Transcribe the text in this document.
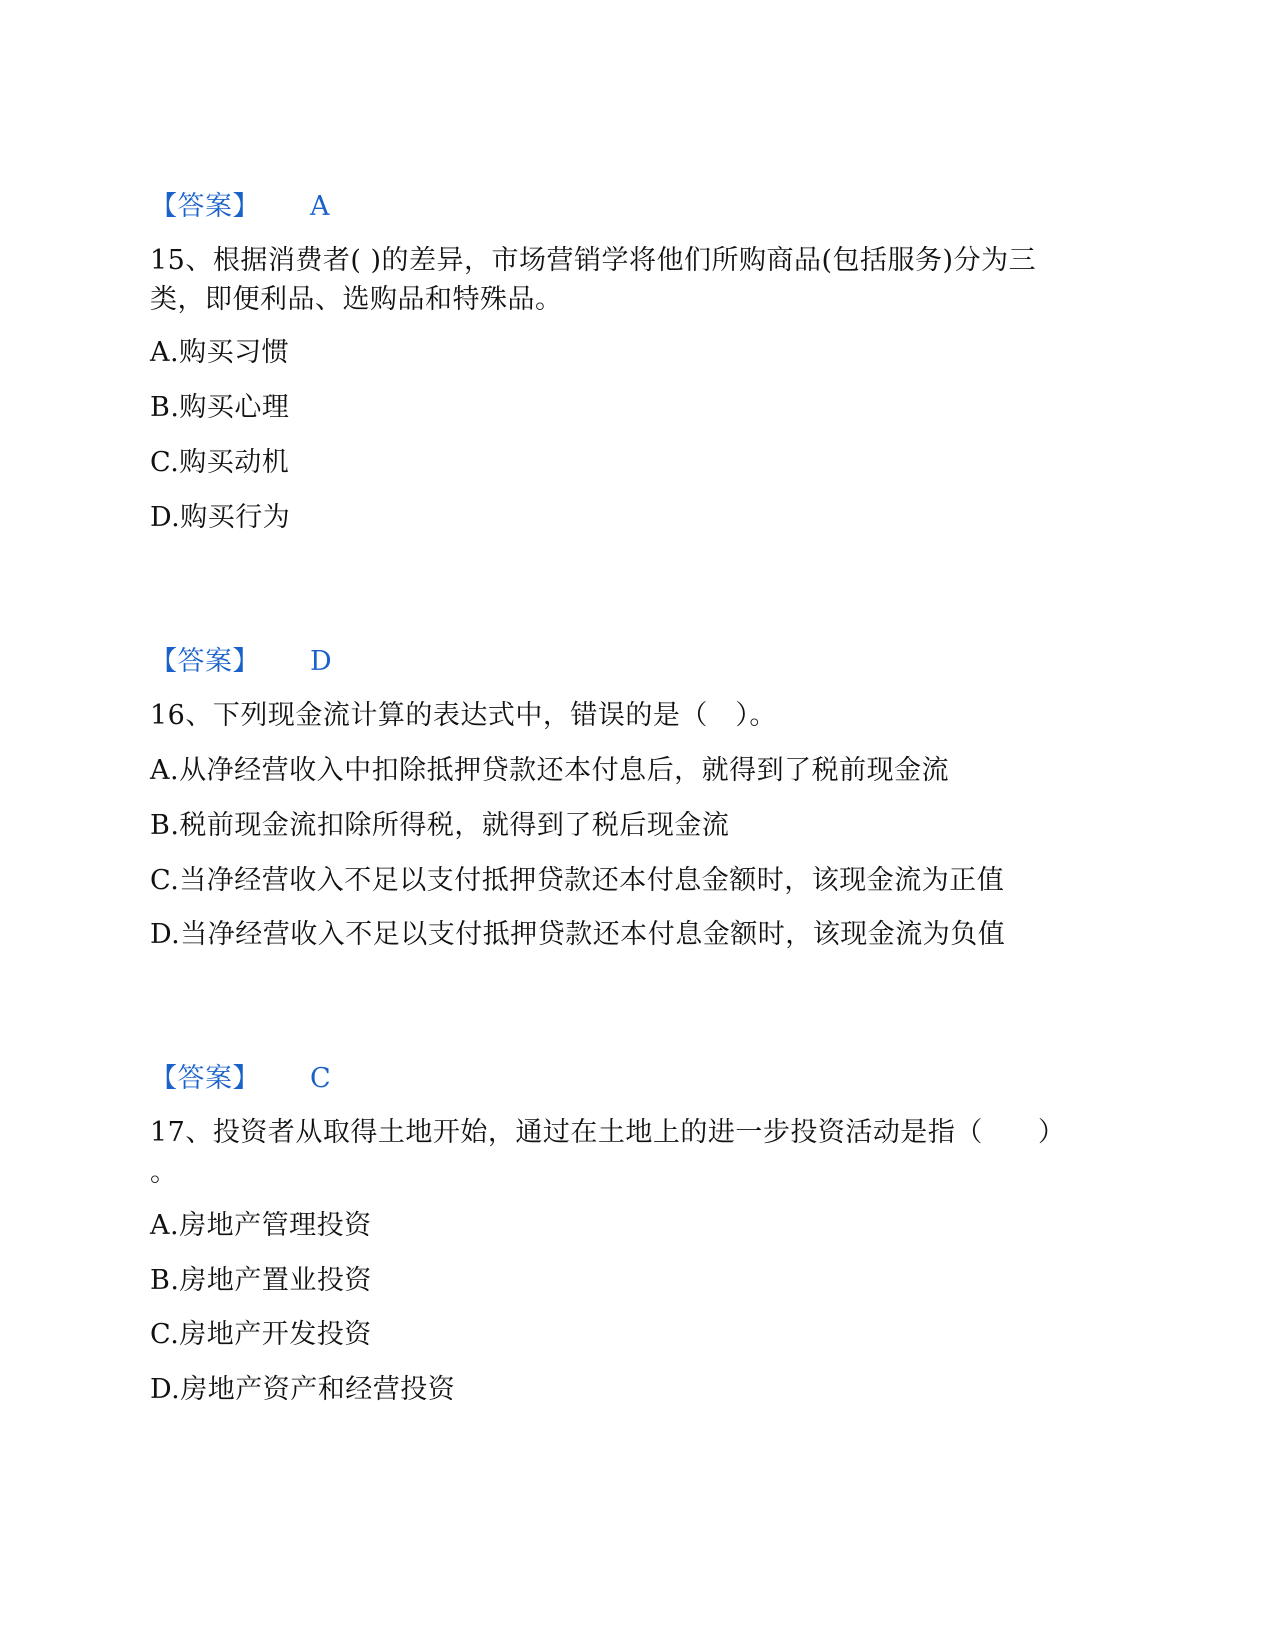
【答案】 A
15、根据消费者( )的差异，市场营销学将他们所购商品(包括服务)分为三
类，即便利品、选购品和特殊品。
A.购买习惯
B.购买心理
C.购买动机
D.购买行为
【答案】 D
16、下列现金流计算的表达式中，错误的是（　）。
A.从净经营收入中扣除抵押贷款还本付息后，就得到了税前现金流
B.税前现金流扣除所得税，就得到了税后现金流
C.当净经营收入不足以支付抵押贷款还本付息金额时，该现金流为正值
D.当净经营收入不足以支付抵押贷款还本付息金额时，该现金流为负值
【答案】 C
17、投资者从取得土地开始，通过在土地上的进一步投资活动是指（　　）
。
A.房地产管理投资
B.房地产置业投资
C.房地产开发投资
D.房地产资产和经营投资
